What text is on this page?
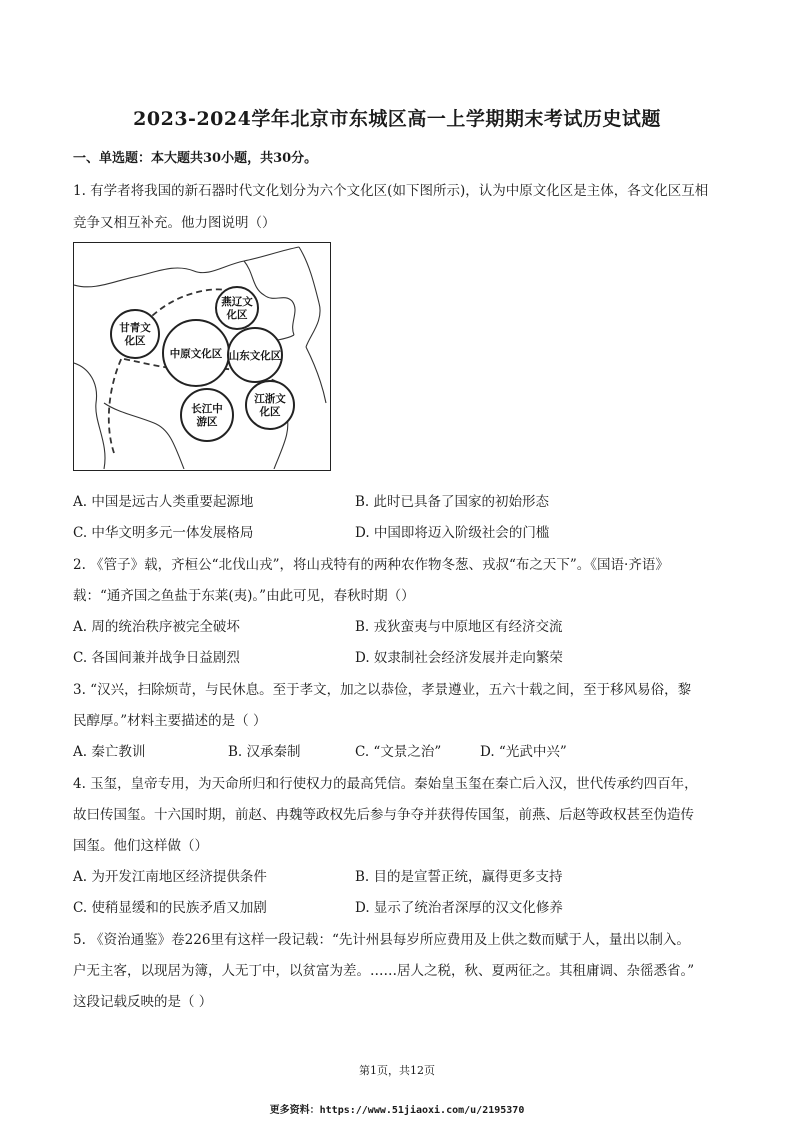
2023-2024学年北京市东城区高一上学期期末考试历史试题
一、单选题：本大题共30小题，共30分。
1. 有学者将我国的新石器时代文化划分为六个文化区(如下图所示)，认为中原文化区是主体，各文化区互相
竞争又相互补充。他力图说明（）
燕辽文
化区
甘青文
化区
中原文化区 山东文化区
长江中
游区
江浙文
化区
A. 中国是远古人类重要起源地	B. 此时已具备了国家的初始形态
C. 中华文明多元一体发展格局	D. 中国即将迈入阶级社会的门槛
2. 《管子》载，齐桓公“北伐山戎”，将山戎特有的两种农作物冬葱、戎叔“布之天下”。《国语·齐语》
载：“通齐国之鱼盐于东莱(夷)。”由此可见，春秋时期（）
A. 周的统治秩序被完全破坏	B. 戎狄蛮夷与中原地区有经济交流
C. 各国间兼并战争日益剧烈	D. 奴隶制社会经济发展并走向繁荣
3. “汉兴，扫除烦苛，与民休息。至于孝文，加之以恭俭，孝景遵业，五六十载之间，至于移风易俗，黎
民醇厚。”材料主要描述的是（ ）
A. 秦亡教训	B. 汉承秦制	C. “文景之治”	D. “光武中兴”
4. 玉玺，皇帝专用，为天命所归和行使权力的最高凭信。秦始皇玉玺在秦亡后入汉，世代传承约四百年，
故曰传国玺。十六国时期，前赵、冉魏等政权先后参与争夺并获得传国玺，前燕、后赵等政权甚至伪造传
国玺。他们这样做（）
A. 为开发江南地区经济提供条件	B. 目的是宣誓正统，赢得更多支持
C. 使稍显缓和的民族矛盾又加剧	D. 显示了统治者深厚的汉文化修养
5. 《资治通鉴》卷226里有这样一段记载：“先计州县每岁所应费用及上供之数而赋于人，量出以制入。
户无主客，以现居为簿，人无丁中，以贫富为差。……居人之税，秋、夏两征之。其租庸调、杂徭悉省。”
这段记载反映的是（ ）
第1页，共12页
更多资料：https://www.51jiaoxi.com/u/2195370
